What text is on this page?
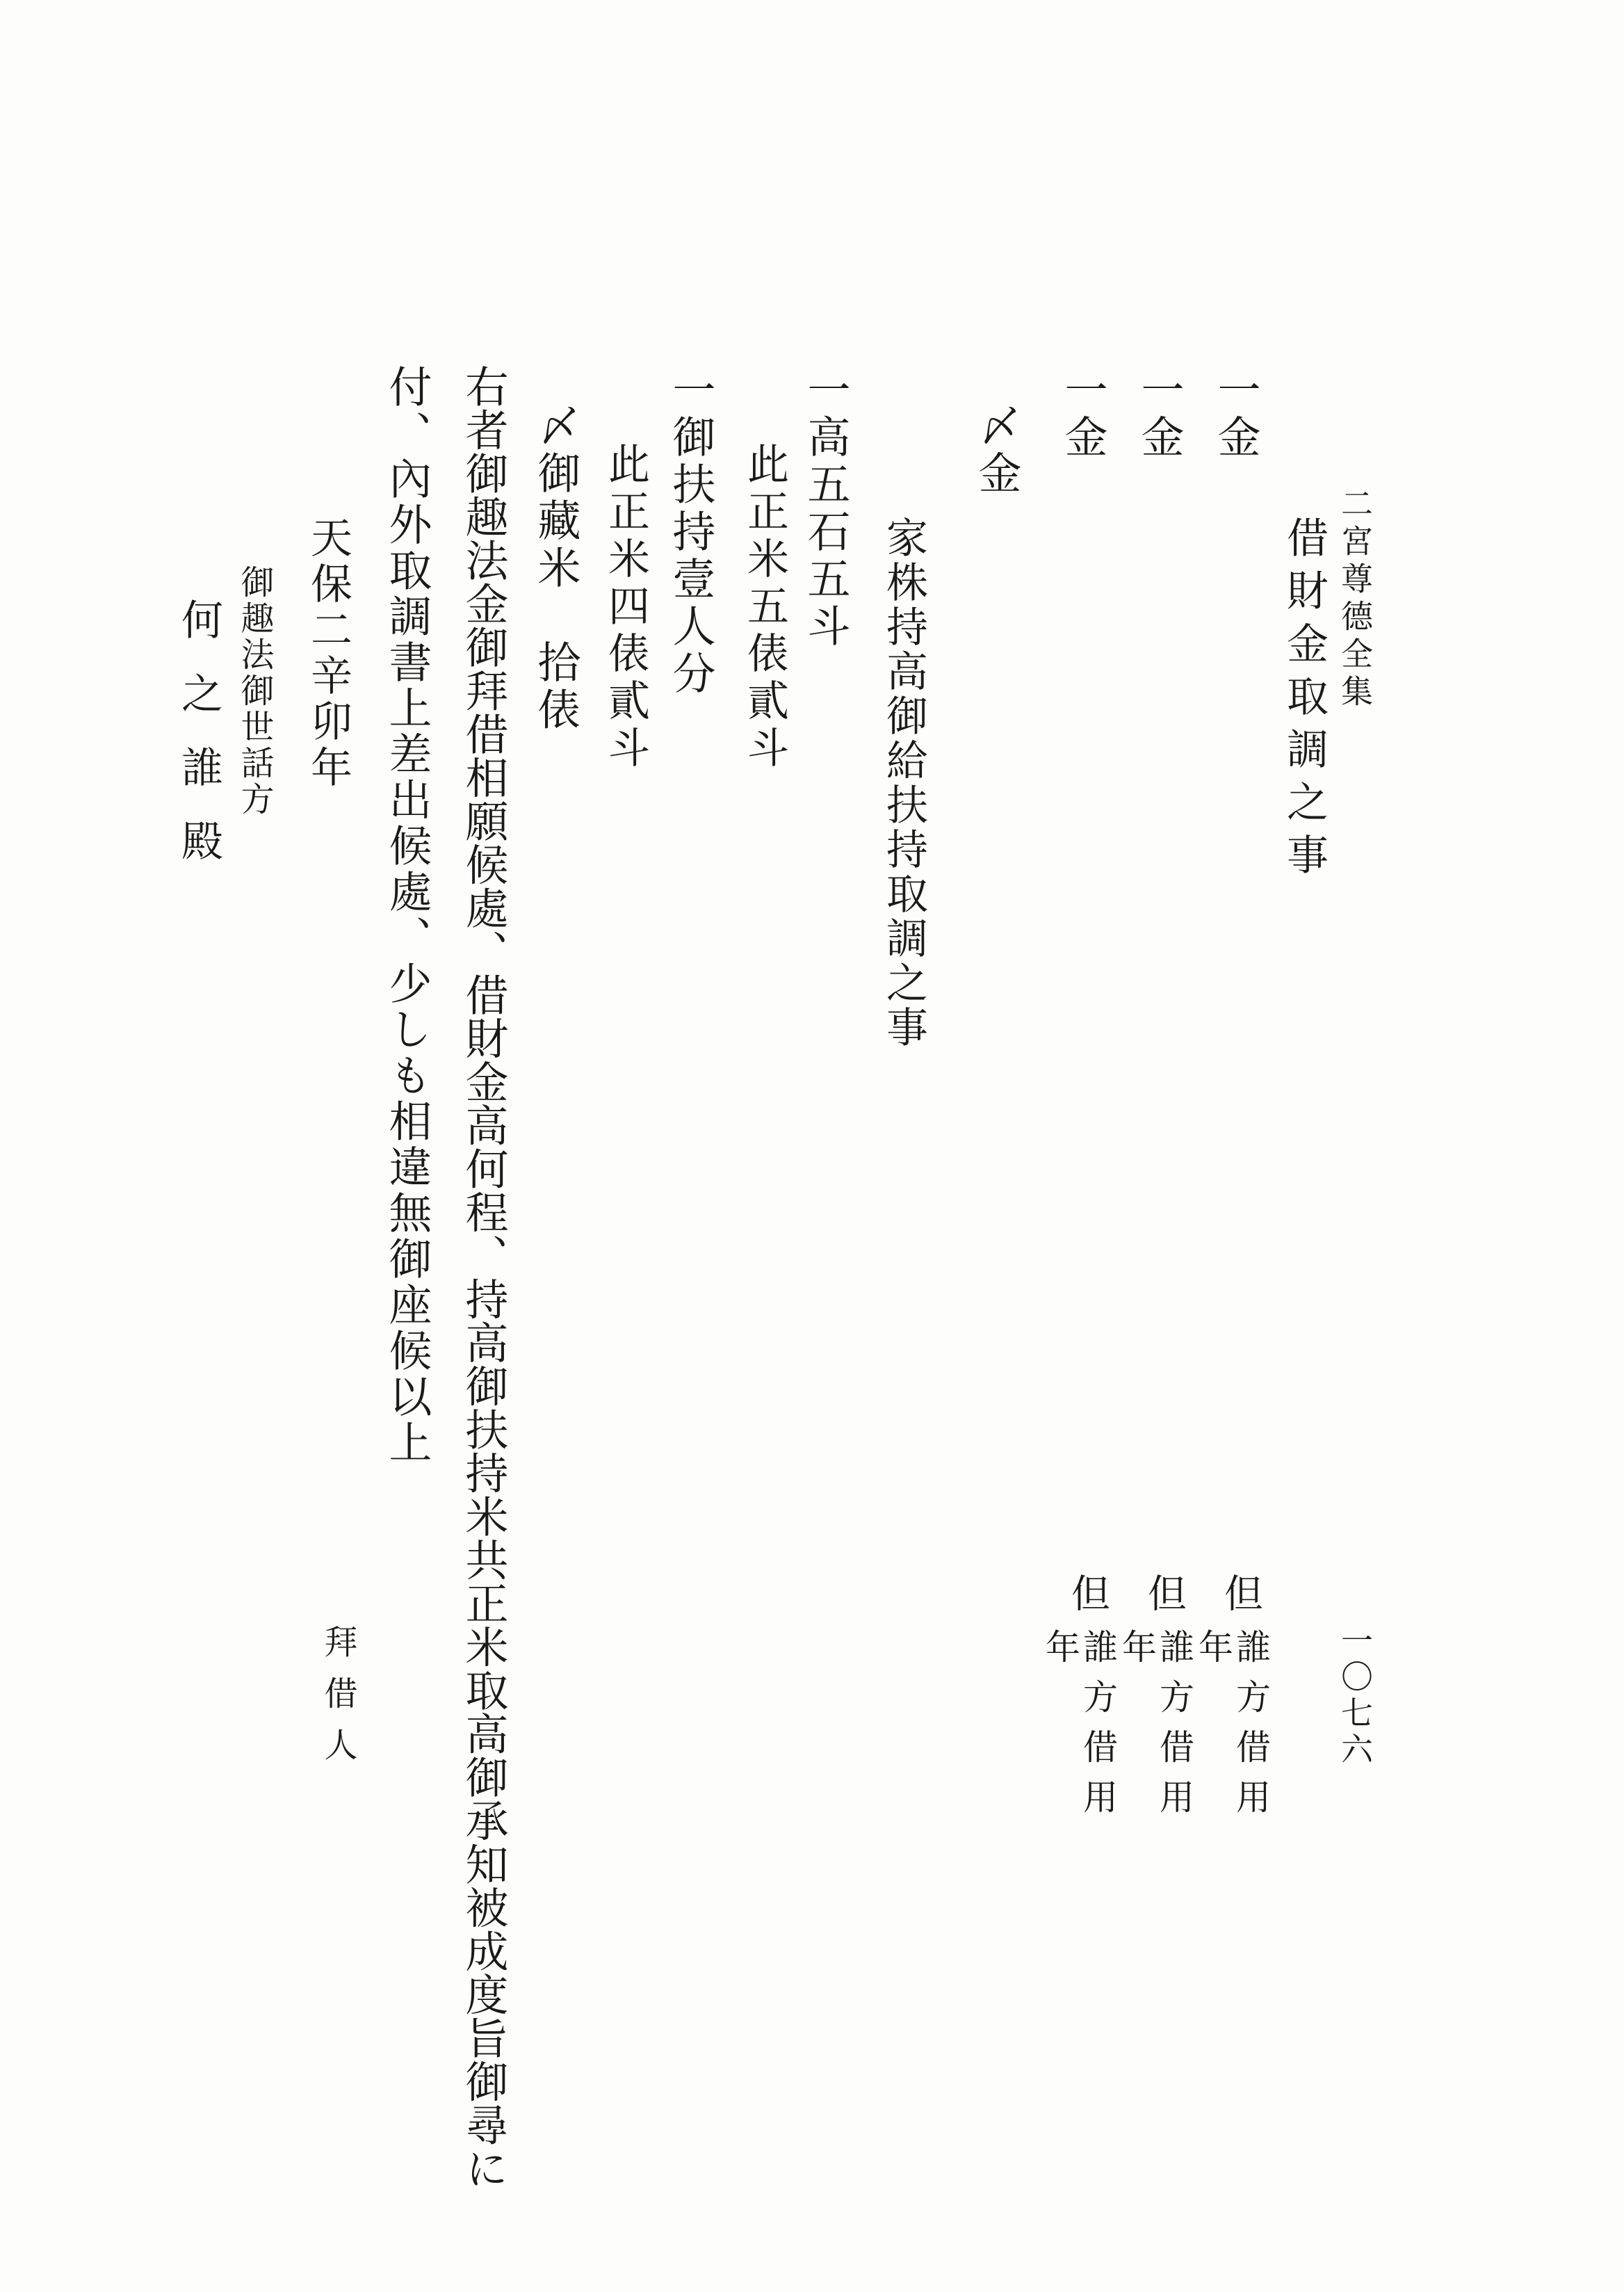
二宮尊德全集
一〇七六
借財金取調之事
一金
一金
一金
〆金
但
誰方借用
年
但
誰方借用
年
但
誰方借用
年
家株持高御給扶持取調之事
一高五石五斗
此正米五俵貳斗
一御扶持壹人分
此正米四俵貳斗
〆御藏米　拾俵
右者御趣法金御拜借相願候處、借財金高何程、持高御扶持米共正米取高御承知被成度旨御尋に
付、內外取調書上差出候處、少しも相違無御座候以上
天保二辛卯年
拜借人
御趣法御世話方
何之誰殿
